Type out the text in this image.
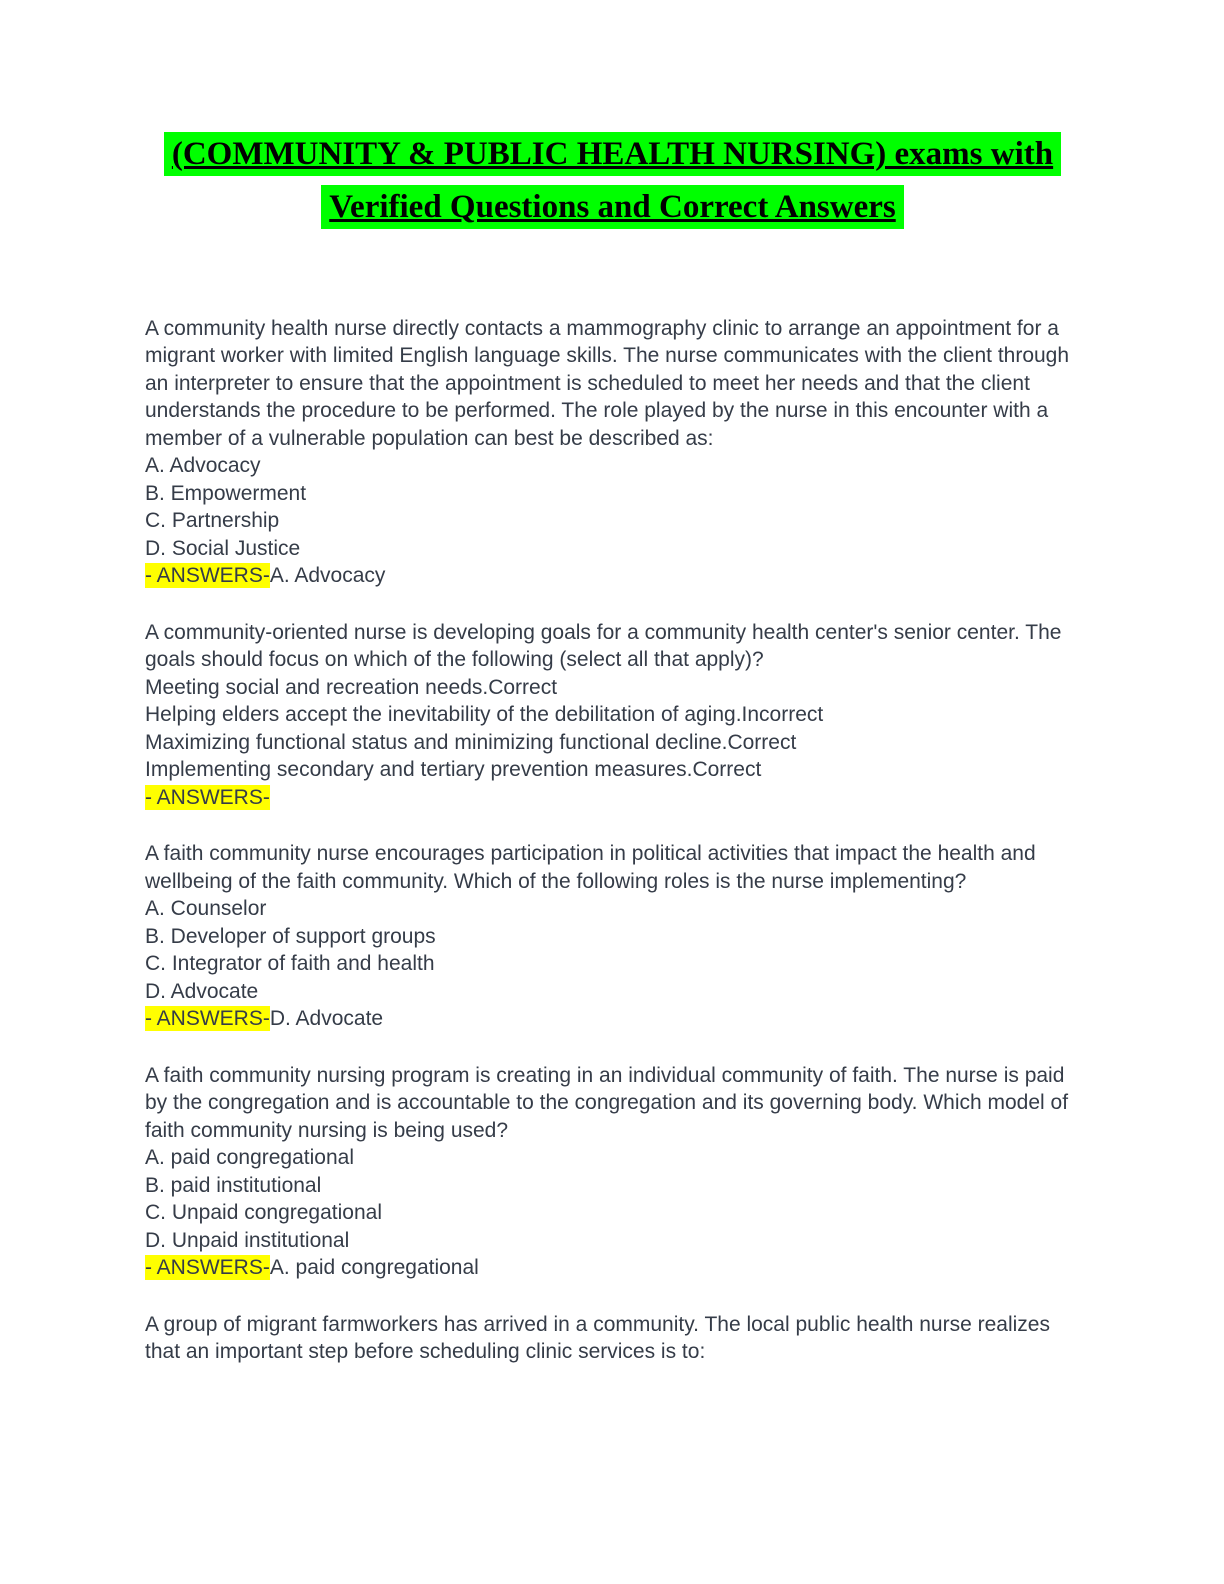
(COMMUNITY & PUBLIC HEALTH NURSING) exams with Verified Questions and Correct Answers

A community health nurse directly contacts a mammography clinic to arrange an appointment for a migrant worker with limited English language skills. The nurse communicates with the client through an interpreter to ensure that the appointment is scheduled to meet her needs and that the client understands the procedure to be performed. The role played by the nurse in this encounter with a member of a vulnerable population can best be described as:

A. Advocacy
B. Empowerment
C. Partnership
D. Social Justice

- ANSWERS-A. Advocacy

A community-oriented nurse is developing goals for a community health center's senior center. The goals should focus on which of the following (select all that apply)?

Meeting social and recreation needs.Correct
Helping elders accept the inevitability of the debilitation of aging.Incorrect
Maximizing functional status and minimizing functional decline.Correct
Implementing secondary and tertiary prevention measures.Correct

- ANSWERS-

A faith community nurse encourages participation in political activities that impact the health and wellbeing of the faith community. Which of the following roles is the nurse implementing?

A. Counselor
B. Developer of support groups
C. Integrator of faith and health
D. Advocate

- ANSWERS-D. Advocate

A faith community nursing program is creating in an individual community of faith. The nurse is paid by the congregation and is accountable to the congregation and its governing body. Which model of faith community nursing is being used?

A. paid congregational
B. paid institutional
C. Unpaid congregational
D. Unpaid institutional

- ANSWERS-A. paid congregational

A group of migrant farmworkers has arrived in a community. The local public health nurse realizes that an important step before scheduling clinic services is to:
